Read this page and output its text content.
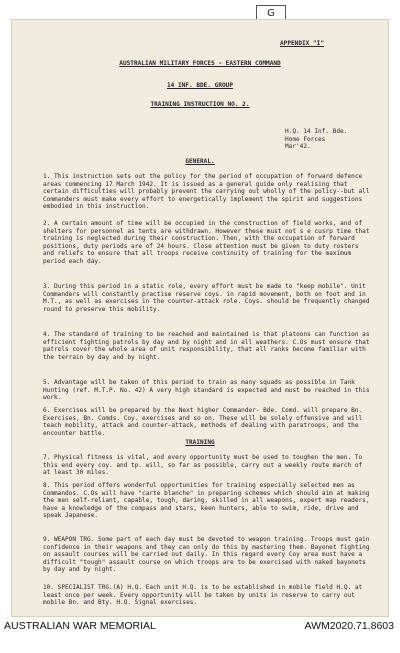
G
APPENDIX "I"
AUSTRALIAN MILITARY FORCES - EASTERN COMMAND
14 INF. BDE. GROUP
TRAINING INSTRUCTION NO. 2.
H.Q. 14 Inf. Bde.
Home Forces
Mar'42.
GENERAL.

1. This instruction sets out the policy for the period of occupation of forward defence areas commencing 17 March 1942. It is issued as a general guide only realising that certain difficulties will probably prevent the carrying out wholly of the policy--but all Commanders must make every effort to energetically implement the spirit and suggestions embodied in this instruction.

2. A certain amount of time will be occupied in the construction of field works, and of shelters for personnel as tents are withdrawn. However these must not s e cusrp time that training is neglected during their construction. Then, with the occupation of forward positions, duty periods are of 24 hours. Close attention must be given to duty rosters and reliefs to ensure that all troops receive continuity of training for the maximum period each day.

3. During this period in a static role, every effort must be made to "keep mobile". Unit Commanders will constantly practise reserve coys. in rapid movement, both on foot and in M.T., as well as exercises in the counter-attack role. Coys. should be frequently changed round to preserve this mobility.

4. The standard of training to be reached and maintained is that platoons can function as efficient fighting patrols by day and by night and in all weathers. C.Os must ensure that patrols cover the whole area of unit responsibility, that all ranks become familiar with the terrain by day and by night.

5. Advantage will be taken of this period to train as many squads as possible in Tank Hunting (ref. M.T.P. No. 42) A very high standard is expected and must be reached in this work.

6. Exercises will be prepared by the Next higher Commander- Bde. Comd. will prepare Bn. Exercises, Bn. Comds. Coy. exercises and so on. These will be solely offensive and will teach mobility, attack and counter-attack, methods of dealing with paratroops, and the encounter battle.

TRAINING

7. Physical fitness is vital, and every opportunity must be used to toughen the men. To this end every coy. and tp. will, so far as possible, carry out a weekly route march of at least 30 miles.

8. This period offers wonderful opportunities for training especially selected men as Commandos. C.Os will have "carte blanche" in preparing schemes which should aim at making the men self-reliant, capable, tough, daring, skilled in all weapons, expert map readers, have a knowledge of the compass and stars, keen hunters, able to swim, ride, drive and speak Japanese.

9. WEAPON TRG. Some part of each day must be devoted to weapon training. Troops must gain confidence in their weapons and they can only do this by mastering them. Bayonet fighting on assault courses will be carried out daily. In this regard every Coy area must have a difficult "tough" assault course on which troops are to be exercised with naked bayonets by day and by night.

10. SPECIALIST TRG.(A) H.Q. Each unit H.Q. is to be established in mobile field H.Q. at least once per week. Every opportunity will be taken by units in reserve to carry out mobile Bn. and Bty. H.Q. Signal exercises.

AUSTRALIAN WAR MEMORIAL	AWM2020.71.8603
